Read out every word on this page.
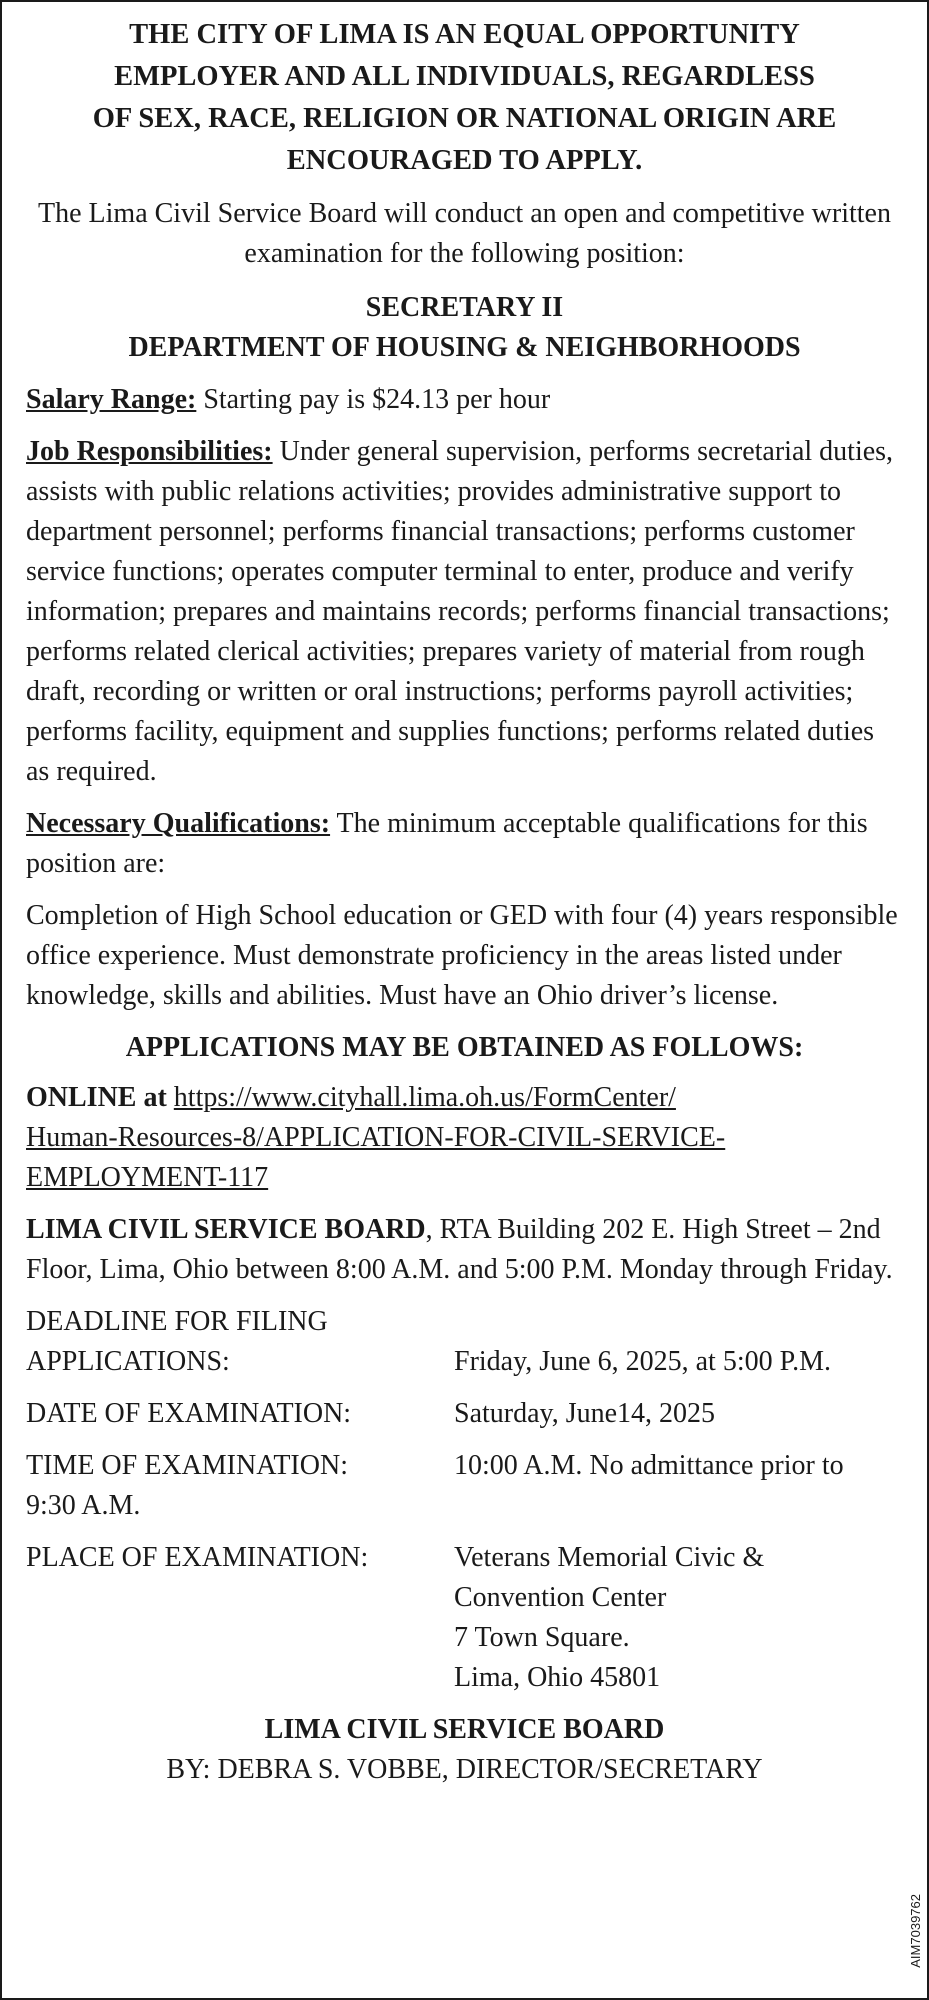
THE CITY OF LIMA IS AN EQUAL OPPORTUNITY
EMPLOYER AND ALL INDIVIDUALS, REGARDLESS
OF SEX, RACE, RELIGION OR NATIONAL ORIGIN ARE
ENCOURAGED TO APPLY.
The Lima Civil Service Board will conduct an open and competitive written examination for the following position:
SECRETARY II
DEPARTMENT OF HOUSING & NEIGHBORHOODS

Salary Range: Starting pay is $24.13 per hour

Job Responsibilities: Under general supervision, performs secretarial duties, assists with public relations activities; provides administrative support to department personnel; performs financial transactions; performs customer service functions; operates computer terminal to enter, produce and verify information; prepares and maintains records; performs financial transactions; performs related clerical activities; prepares variety of material from rough draft, recording or written or oral instructions; performs payroll activities; performs facility, equipment and supplies functions; performs related duties as required.

Necessary Qualifications: The minimum acceptable qualifications for this position are:

Completion of High School education or GED with four (4) years responsible office experience. Must demonstrate proficiency in the areas listed under knowledge, skills and abilities. Must have an Ohio driver’s license.

APPLICATIONS MAY BE OBTAINED AS FOLLOWS:

ONLINE at https://www.cityhall.lima.oh.us/FormCenter/
Human-Resources-8/APPLICATION-FOR-CIVIL-SERVICE-
EMPLOYMENT-117

LIMA CIVIL SERVICE BOARD, RTA Building 202 E. High Street – 2nd Floor, Lima, Ohio between 8:00 A.M. and 5:00 P.M. Monday through Friday.

DEADLINE FOR FILING
APPLICATIONS:	Friday, June 6, 2025, at 5:00 P.M.
DATE OF EXAMINATION:	Saturday, June14, 2025
TIME OF EXAMINATION:	10:00 A.M. No admittance prior to
9:30 A.M.
PLACE OF EXAMINATION:	Veterans Memorial Civic &
Convention Center
7 Town Square.
Lima, Ohio 45801
LIMA CIVIL SERVICE BOARD
BY: DEBRA S. VOBBE, DIRECTOR/SECRETARY
AIM7039762
